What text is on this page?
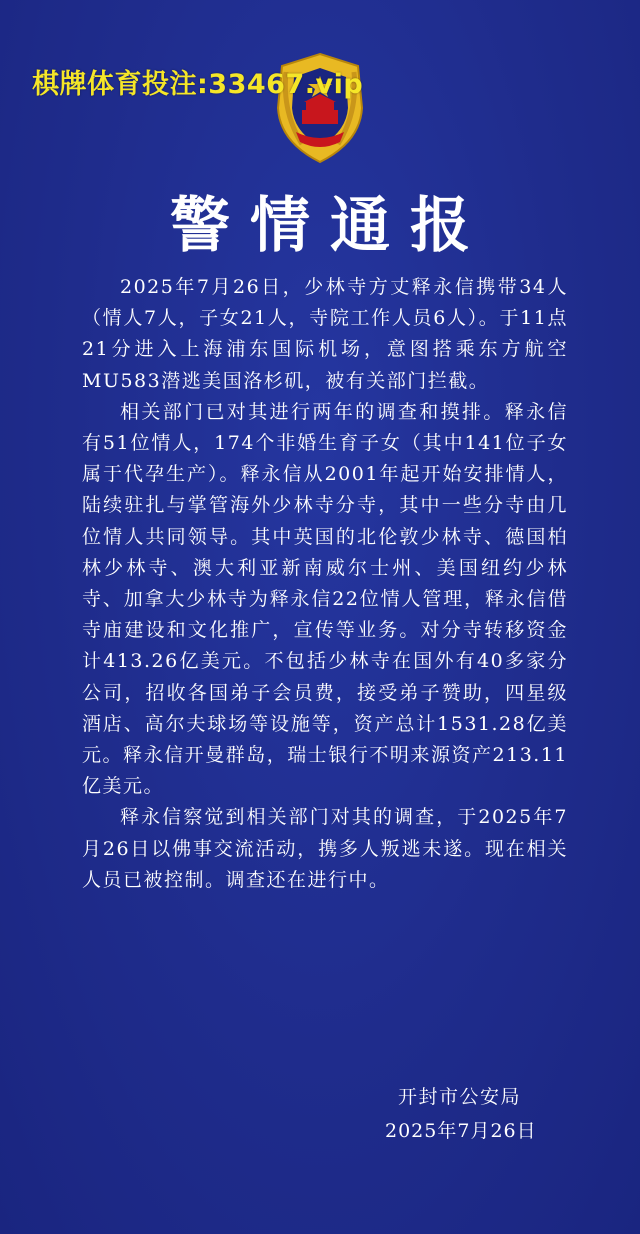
棋牌体育投注:33467.vip
警情通报

2025年7月26日，少林寺方丈释永信携带34人（情人7人，子女21人，寺院工作人员6人）。于11点21分进入上海浦东国际机场，意图搭乘东方航空MU583潜逃美国洛杉矶，被有关部门拦截。

相关部门已对其进行两年的调查和摸排。释永信有51位情人，174个非婚生育子女（其中141位子女属于代孕生产）。释永信从2001年起开始安排情人，陆续驻扎与掌管海外少林寺分寺，其中一些分寺由几位情人共同领导。其中英国的北伦敦少林寺、德国柏林少林寺、澳大利亚新南威尔士州、美国纽约少林寺、加拿大少林寺为释永信22位情人管理，释永信借寺庙建设和文化推广，宣传等业务。对分寺转移资金计413.26亿美元。不包括少林寺在国外有40多家分公司，招收各国弟子会员费，接受弟子赞助，四星级酒店、高尔夫球场等设施等，资产总计1531.28亿美元。释永信开曼群岛，瑞士银行不明来源资产213.11亿美元。

释永信察觉到相关部门对其的调查，于2025年7月26日以佛事交流活动，携多人叛逃未遂。现在相关人员已被控制。调查还在进行中。

开封市公安局
2025年7月26日
